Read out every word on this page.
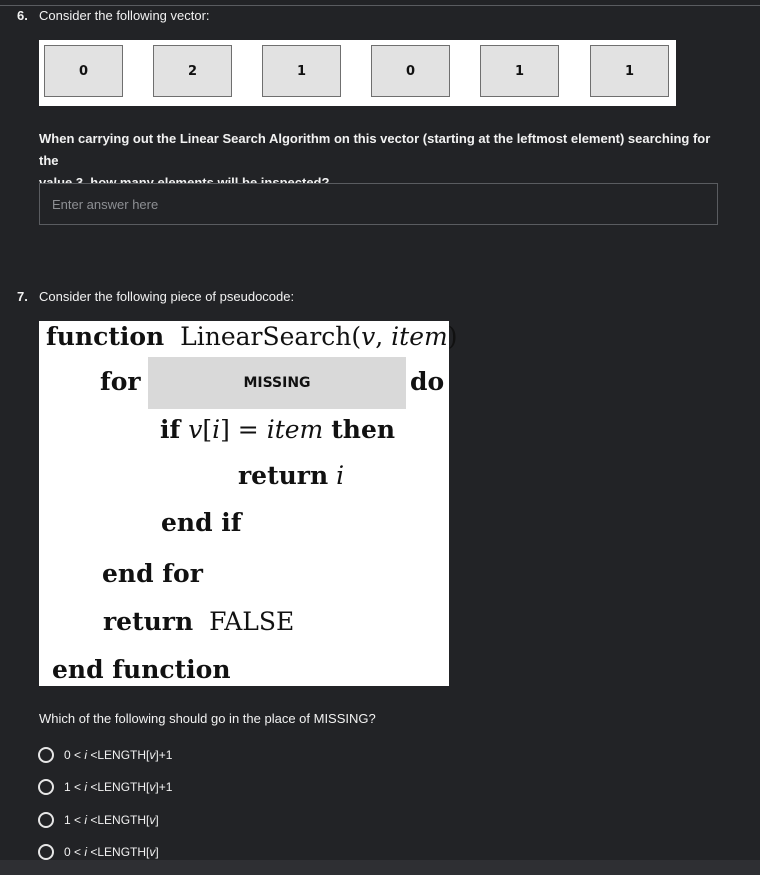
6. Consider the following vector:
0	2	1	0	1	1
When carrying out the Linear Search Algorithm on this vector (starting at the leftmost element) searching for the
Enter answer here
7. Consider the following piece of pseudocode:
function LinearSearch(v, item)
for	MISSING	do
if v[i] = item then
return i
end if
end for
return FALSE
end function
Which of the following should go in the place of MISSING?
0 < i <LENGTH[v]+1
1 < i <LENGTH[v]+1
1 < i <LENGTH[v]
0 < i <LENGTH[v]
